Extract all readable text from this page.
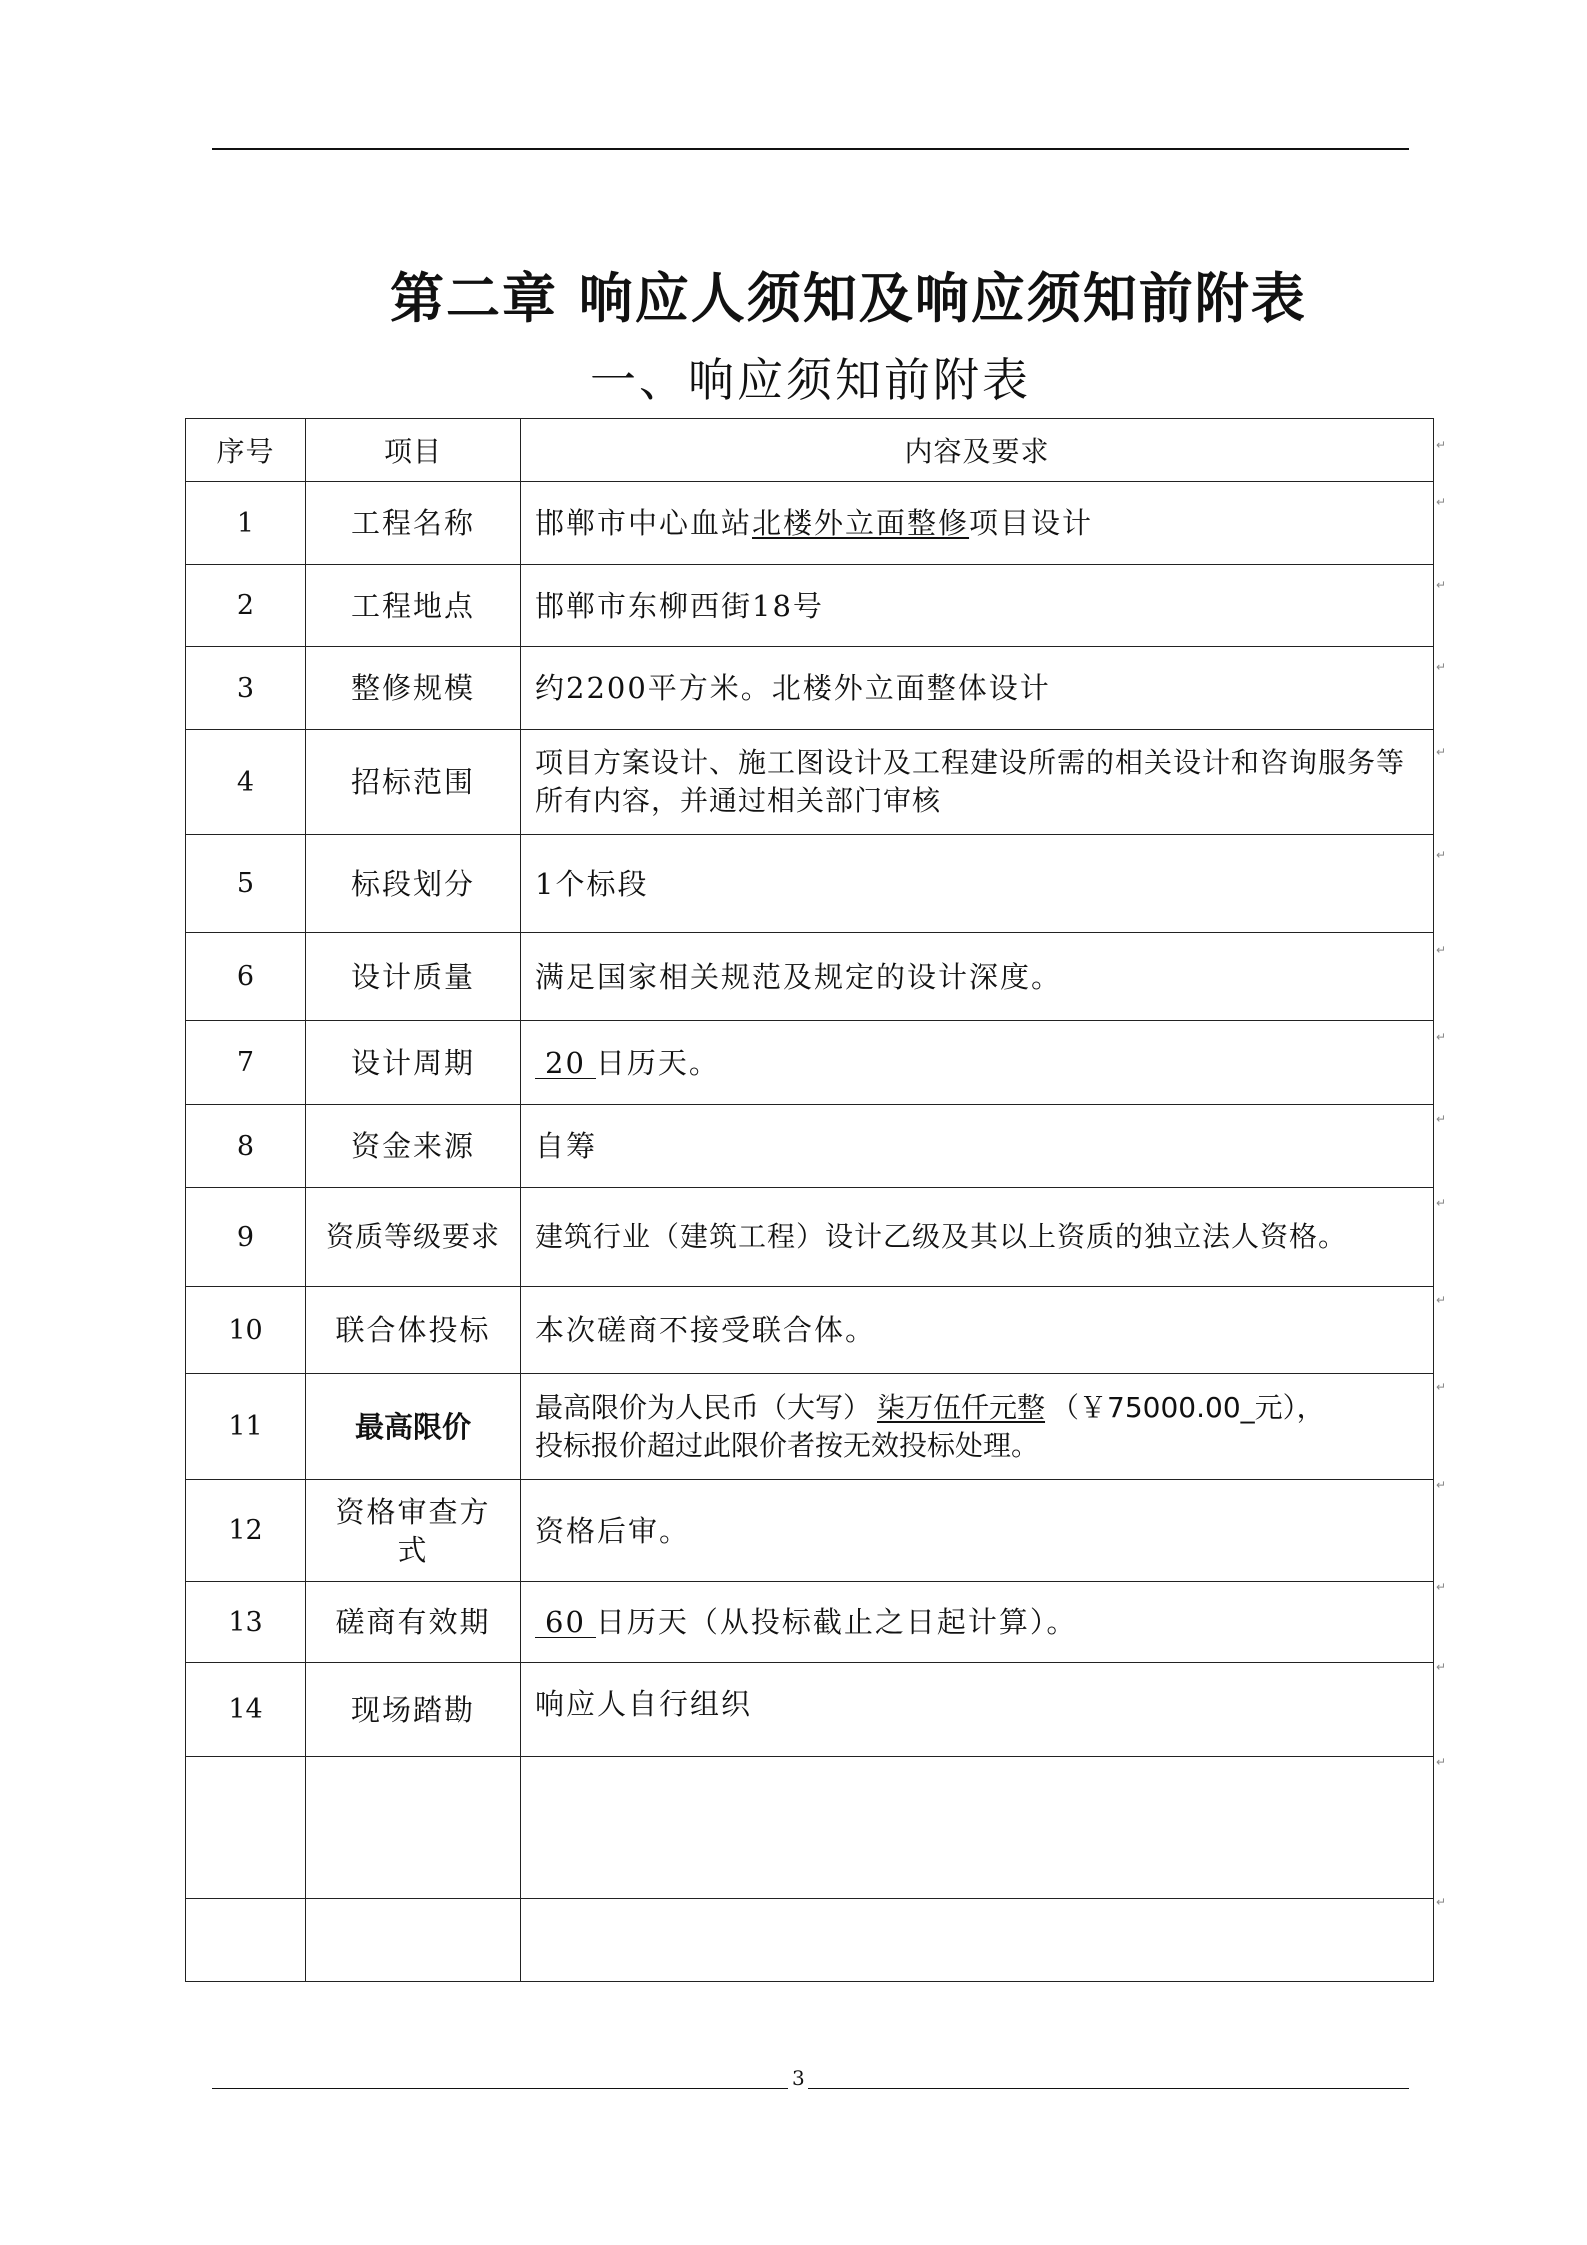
第二章 响应人须知及响应须知前附表
一、响应须知前附表
序号	项目	内容及要求
1	工程名称	邯郸市中心血站北楼外立面整修项目设计
2	工程地点	邯郸市东柳西街18号
3	整修规模	约2200平方米。北楼外立面整体设计
4	招标范围	项目方案设计、施工图设计及工程建设所需的相关设计和咨询服务等所有内容，并通过相关部门审核
5	标段划分	1个标段
6	设计质量	满足国家相关规范及规定的设计深度。
7	设计周期	20 日历天。
8	资金来源	自筹
9	资质等级要求	建筑行业（建筑工程）设计乙级及其以上资质的独立法人资格。
10	联合体投标	本次磋商不接受联合体。
11	最高限价	最高限价为人民币（大写） 柒万伍仟元整 （￥75000.00_元），
投标报价超过此限价者按无效投标处理。
12	资格审查方式	资格后审。
13	磋商有效期	60 日历天（从投标截止之日起计算）。
14	现场踏勘	响应人自行组织

↵
↵
↵
↵
↵
↵
↵
↵
↵
↵
↵
↵
↵
↵
↵
↵
↵
3
